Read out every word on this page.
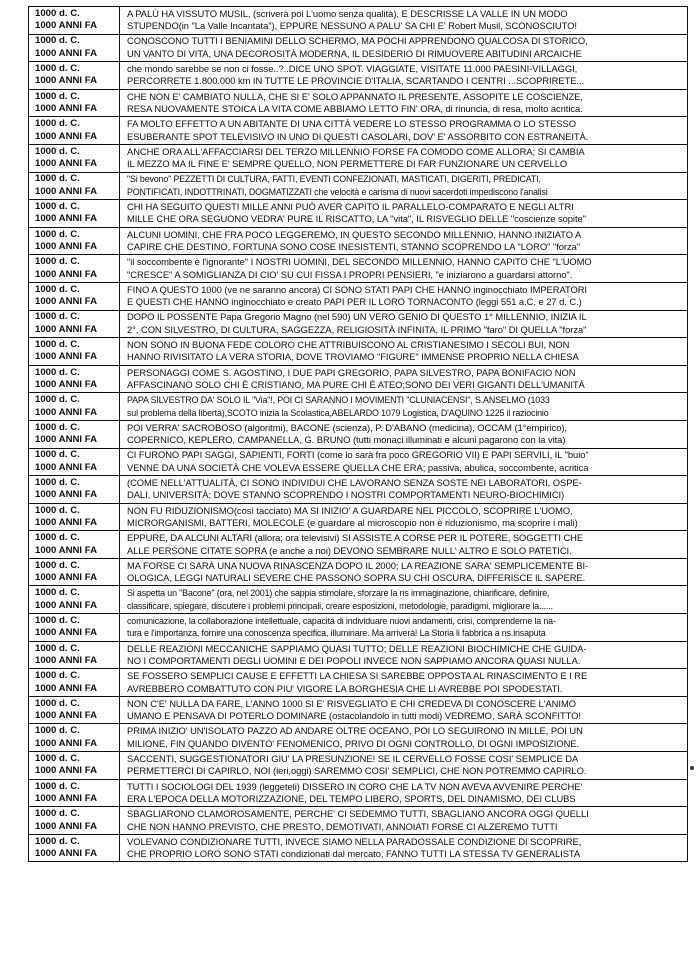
1000 d. C.
1000 ANNI FA	A PALÙ HA VISSUTO MUSIL, (scriverà poi L'uomo senza qualità), E DESCRISSE LA VALLE IN UN MODO
STUPENDO(in "La Valle Incantata"), EPPURE NESSUNO A PALU' SA CHI E' Robert Musil, SCONOSCIUTO!

1000 d. C.
1000 ANNI FA	CONOSCONO TUTTI I BENIAMINI DELLO SCHERMO, MA POCHI APPRENDONO QUALCOSA DI STORICO,
UN VANTO DI VITA, UNA DECOROSITÀ MODERNA, IL DESIDERIO DI RIMUOVERE ABITUDINI ARCAICHE

1000 d. C.
1000 ANNI FA	che mondo sarebbe se non ci fosse..?..DICE UNO SPOT. VIAGGIATE, VISITATE 11.000 PAESINI-VILLAGGI,
PERCORRETE 1.800.000 km IN TUTTE LE PROVINCIE D'ITALIA, SCARTANDO I CENTRI ...SCOPRIRETE...

1000 d. C.
1000 ANNI FA	CHE NON E' CAMBIATO NULLA, CHE SI E' SOLO APPANNATO IL PRESENTE, ASSOPITE LE COSCIENZE,
RESA NUOVAMENTE STOICA LA VITA COME ABBIAMO LETTO FIN' ORA, di rinuncia, di resa, molto acritica.

1000 d. C.
1000 ANNI FA	FA MOLTO EFFETTO A UN ABITANTE DI UNA CITTÀ VEDERE LO STESSO PROGRAMMA O LO STESSO
ESUBERANTE SPOT TELEVISIVO IN UNO DI QUESTI CASOLARI, DOV' E' ASSORBITO CON ESTRANEITÀ.

1000 d. C.
1000 ANNI FA	ANCHE ORA ALL'AFFACCIARSI DEL TERZO MILLENNIO FORSE FA COMODO COME ALLORA; SI CAMBIA
IL MEZZO MA IL FINE E' SEMPRE QUELLO, NON PERMETTERE DI FAR FUNZIONARE UN CERVELLO

1000 d. C.
1000 ANNI FA	"Si bevono" PEZZETTI DI CULTURA, FATTI, EVENTI CONFEZIONATI, MASTICATI, DIGERITI, PREDICATI,
PONTIFICATI, INDOTTRINATI, DOGMATIZZATI che velocità e carisma di nuovi sacerdoti impediscono l'analisi

1000 d. C.
1000 ANNI FA	CHI HA SEGUITO QUESTI MILLE ANNI PUÒ AVER CAPITO IL PARALLELO-COMPARATO E NEGLI ALTRI
MILLE CHE ORA SEGUONO VEDRA' PURE IL RISCATTO, LA "vita", IL RISVEGLIO DELLE "coscienze sopite"

1000 d. C.
1000 ANNI FA	ALCUNI UOMINI, CHE FRA POCO LEGGEREMO, IN QUESTO SECONDO MILLENNIO, HANNO INIZIATO A
CAPIRE CHE DESTINO, FORTUNA SONO COSE INESISTENTI, STANNO SCOPRENDO LA "LORO" "forza"

1000 d. C.
1000 ANNI FA	"il soccombente è l'ignorante" I NOSTRI UOMINI, DEL SECONDO MILLENNIO, HANNO CAPITO CHE "L'UOMO
"CRESCE" A SOMIGLIANZA DI CIO' SU CUI FISSA I PROPRI PENSIERI, "e iniziarono a guardarsi attorno".

1000 d. C.
1000 ANNI FA	FINO A QUESTO 1000 (ve ne saranno ancora) CI SONO STATI PAPI CHE HANNO inginocchiato IMPERATORI
E QUESTI CHE HANNO inginocchiato e creato PAPI PER IL LORO TORNACONTO (leggi 551 a.C. e 27 d. C.)

1000 d. C.
1000 ANNI FA	DOPO IL POSSENTE Papa Gregorio Magno (nel 590) UN VERO GENIO DI QUESTO 1° MILLENNIO, INIZIA IL
2°, CON SILVESTRO, DI CULTURA, SAGGEZZA, RELIGIOSITÀ INFINITA, IL PRIMO "faro" DI QUELLA "forza"

1000 d. C.
1000 ANNI FA	NON SONO IN BUONA FEDE COLORO CHE ATTRIBUISCONO AL CRISTIANESIMO I SECOLI BUI, NON
HANNO RIVISITATO LA VERA STORIA, DOVE TROVIAMO "FIGURE" IMMENSE PROPRIO NELLA CHIESA

1000 d. C.
1000 ANNI FA	PERSONAGGI COME S. AGOSTINO, I DUE PAPI GREGORIO, PAPA SILVESTRO, PAPA BONIFACIO NON
AFFASCINANO SOLO CHI È CRISTIANO, MA PURE CHI È ATEO;SONO DEI VERI GIGANTI DELL'UMANITÀ

1000 d. C.
1000 ANNI FA	PAPA SILVESTRO DA' SOLO IL "Via"!, POI CI SARANNO I MOVIMENTI "CLUNIACENSI", S.ANSELMO (1033
sul problema della libertà),SCOTO inizia la Scolastica,ABELARDO 1079 Logistica, D'AQUINO 1225 il raziocinio

1000 d. C.
1000 ANNI FA	POI VERRA' SACROBOSO (algoritmi), BACONE (scienza), P. D'ABANO (medicina), OCCAM (1°empirico),
COPERNICO, KEPLERO, CAMPANELLA, G. BRUNO (tutti monaci illuminati e alcuni pagarono con la vita)

1000 d. C.
1000 ANNI FA	CI FURONO PAPI SAGGI, SAPIENTI, FORTI (come lo sarà fra poco GREGORIO VII) E PAPI SERVILI, IL "buio"
VENNE DA UNA SOCIETÀ CHE VOLEVA ESSERE QUELLA CHE ERA; passiva, abulica, soccombente, acritica

1000 d. C.
1000 ANNI FA	(COME NELL'ATTUALITÀ, CI SONO INDIVIDUI CHE LAVORANO SENZA SOSTE NEI LABORATORI, OSPE-
DALI, UNIVERSITÀ; DOVE STANNO SCOPRENDO I NOSTRI COMPORTAMENTI NEURO-BIOCHIMICI)

1000 d. C.
1000 ANNI FA	NON FU RIDUZIONISMO(così tacciato) MA SI INIZIO' A GUARDARE NEL PICCOLO, SCOPRIRE L'UOMO,
MICRORGANISMI, BATTERI, MOLECOLE (e guardare al microscopio non è riduzionismo, ma scoprire i mali)

1000 d. C.
1000 ANNI FA	EPPURE, DA ALCUNI ALTARI (allora; ora televisivi) SI ASSISTE A CORSE PER IL POTERE, SOGGETTI CHE
ALLE PERSONE CITATE SOPRA (e anche a noi) DEVONO SEMBRARE NULL' ALTRO E SOLO PATETICI.

1000 d. C.
1000 ANNI FA	MA FORSE CI SARÀ UNA NUOVA RINASCENZA DOPO IL 2000; LA REAZIONE SARA' SEMPLICEMENTE BI-
OLOGICA, LEGGI NATURALI SEVERE CHE PASSONO SOPRA SU CHI OSCURA, DIFFERISCE IL SAPERE.

1000 d. C.
1000 ANNI FA	Si aspetta un "Bacone" (ora, nel 2001) che sappia stimolare, sforzare la ns immaginazione, chiarificare, definire,
classificare, spiegare, discutere i problemi principali, creare esposizioni, metodologie, paradigmi, migliorare la......

1000 d. C.
1000 ANNI FA	comunicazione, la collaborazione intellettuale, capacità di individuare nuovi andamenti, crisi, comprenderne la na-
tura e l'importanza, fornire una conoscenza specifica, illuminare. Ma arriverà! La Storia li fabbrica a ns.insaputa

1000 d. C.
1000 ANNI FA	DELLE REAZIONI MECCANICHE SAPPIAMO QUASI TUTTO; DELLE REAZIONI BIOCHIMICHE CHE GUIDA-
NO I COMPORTAMENTI DEGLI UOMINI E DEI POPOLI INVECE NON SAPPIAMO ANCORA QUASI NULLA.

1000 d. C.
1000 ANNI FA	SE FOSSERO SEMPLICI CAUSE E EFFETTI LA CHIESA SI SAREBBE OPPOSTA AL RINASCIMENTO E I RE
AVREBBERO COMBATTUTO CON PIU' VIGORE LA BORGHESIA CHE LI AVREBBE POI SPODESTATI.

1000 d. C.
1000 ANNI FA	NON C'E' NULLA DA FARE, L'ANNO 1000 SI E' RISVEGLIATO E CHI CREDEVA DI CONOSCERE L'ANIMO
UMANO E PENSAVA DI POTERLO DOMINARE (ostacolandolo in tutti modi) VEDREMO, SARÀ SCONFITTO!

1000 d. C.
1000 ANNI FA	PRIMA INIZIO' UN'ISOLATO PAZZO AD ANDARE OLTRE OCEANO, POI LO SEGUIRONO IN MILLE, POI UN
MILIONE, FIN QUANDO DIVENTO' FENOMENICO, PRIVO DI OGNI CONTROLLO, DI OGNI IMPOSIZIONE.

1000 d. C.
1000 ANNI FA	SACCENTI, SUGGESTIONATORI GIU' LA PRESUNZIONE! SE IL CERVELLO FOSSE COSI' SEMPLICE DA
PERMETTERCI DI CAPIRLO, NOI (ieri,oggi) SAREMMO COSI' SEMPLICI, CHE NON POTREMMO CAPIRLO.

1000 d. C.
1000 ANNI FA	TUTTI I SOCIOLOGI DEL 1939 (leggeteli) DISSERO IN CORO CHE LA TV NON AVEVA AVVENIRE PERCHE'
ERA L'EPOCA DELLA MOTORIZZAZIONE, DEL TEMPO LIBERO, SPORTS, DEL DINAMISMO, DEI CLUBS

1000 d. C.
1000 ANNI FA	SBAGLIARONO CLAMOROSAMENTE, PERCHE' CI SEDEMMO TUTTI, SBAGLIANO ANCORA OGGI QUELLI
CHE NON HANNO PREVISTO, CHE PRESTO, DEMOTIVATI, ANNOIATI FORSE CI ALZEREMO TUTTI

1000 d. C.
1000 ANNI FA	VOLEVANO CONDIZIONARE TUTTI, INVECE SIAMO NELLA PARADOSSALE CONDIZIONE DI SCOPRIRE,
CHE PROPRIO LORO SONO STATI condizionati dal mercato, FANNO TUTTI LA STESSA TV GENERALISTA
